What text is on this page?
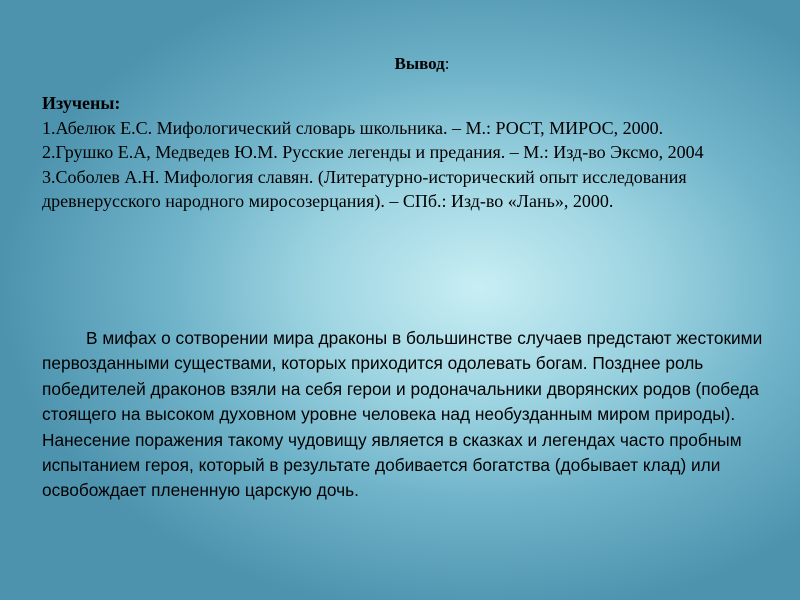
Вывод:
Изучены:
1.Абелюк Е.С. Мифологический словарь школьника. – М.: РОСТ, МИРОС, 2000.
2.Грушко Е.А, Медведев Ю.М. Русские легенды и предания. – М.: Изд-во Эксмо, 2004
3.Соболев А.Н. Мифология славян. (Литературно-исторический опыт исследования древнерусского народного миросозерцания). – СПб.: Изд-во «Лань», 2000.
В мифах о сотворении мира драконы в большинстве случаев предстают жестокими первозданными существами, которых приходится одолевать богам. Позднее роль победителей драконов взяли на себя герои и родоначальники дворянских родов (победа стоящего на высоком духовном уровне человека над необузданным миром природы). Нанесение поражения такому чудовищу является в сказках и легендах часто пробным испытанием героя, который в результате добивается богатства (добывает клад) или освобождает плененную царскую дочь.
